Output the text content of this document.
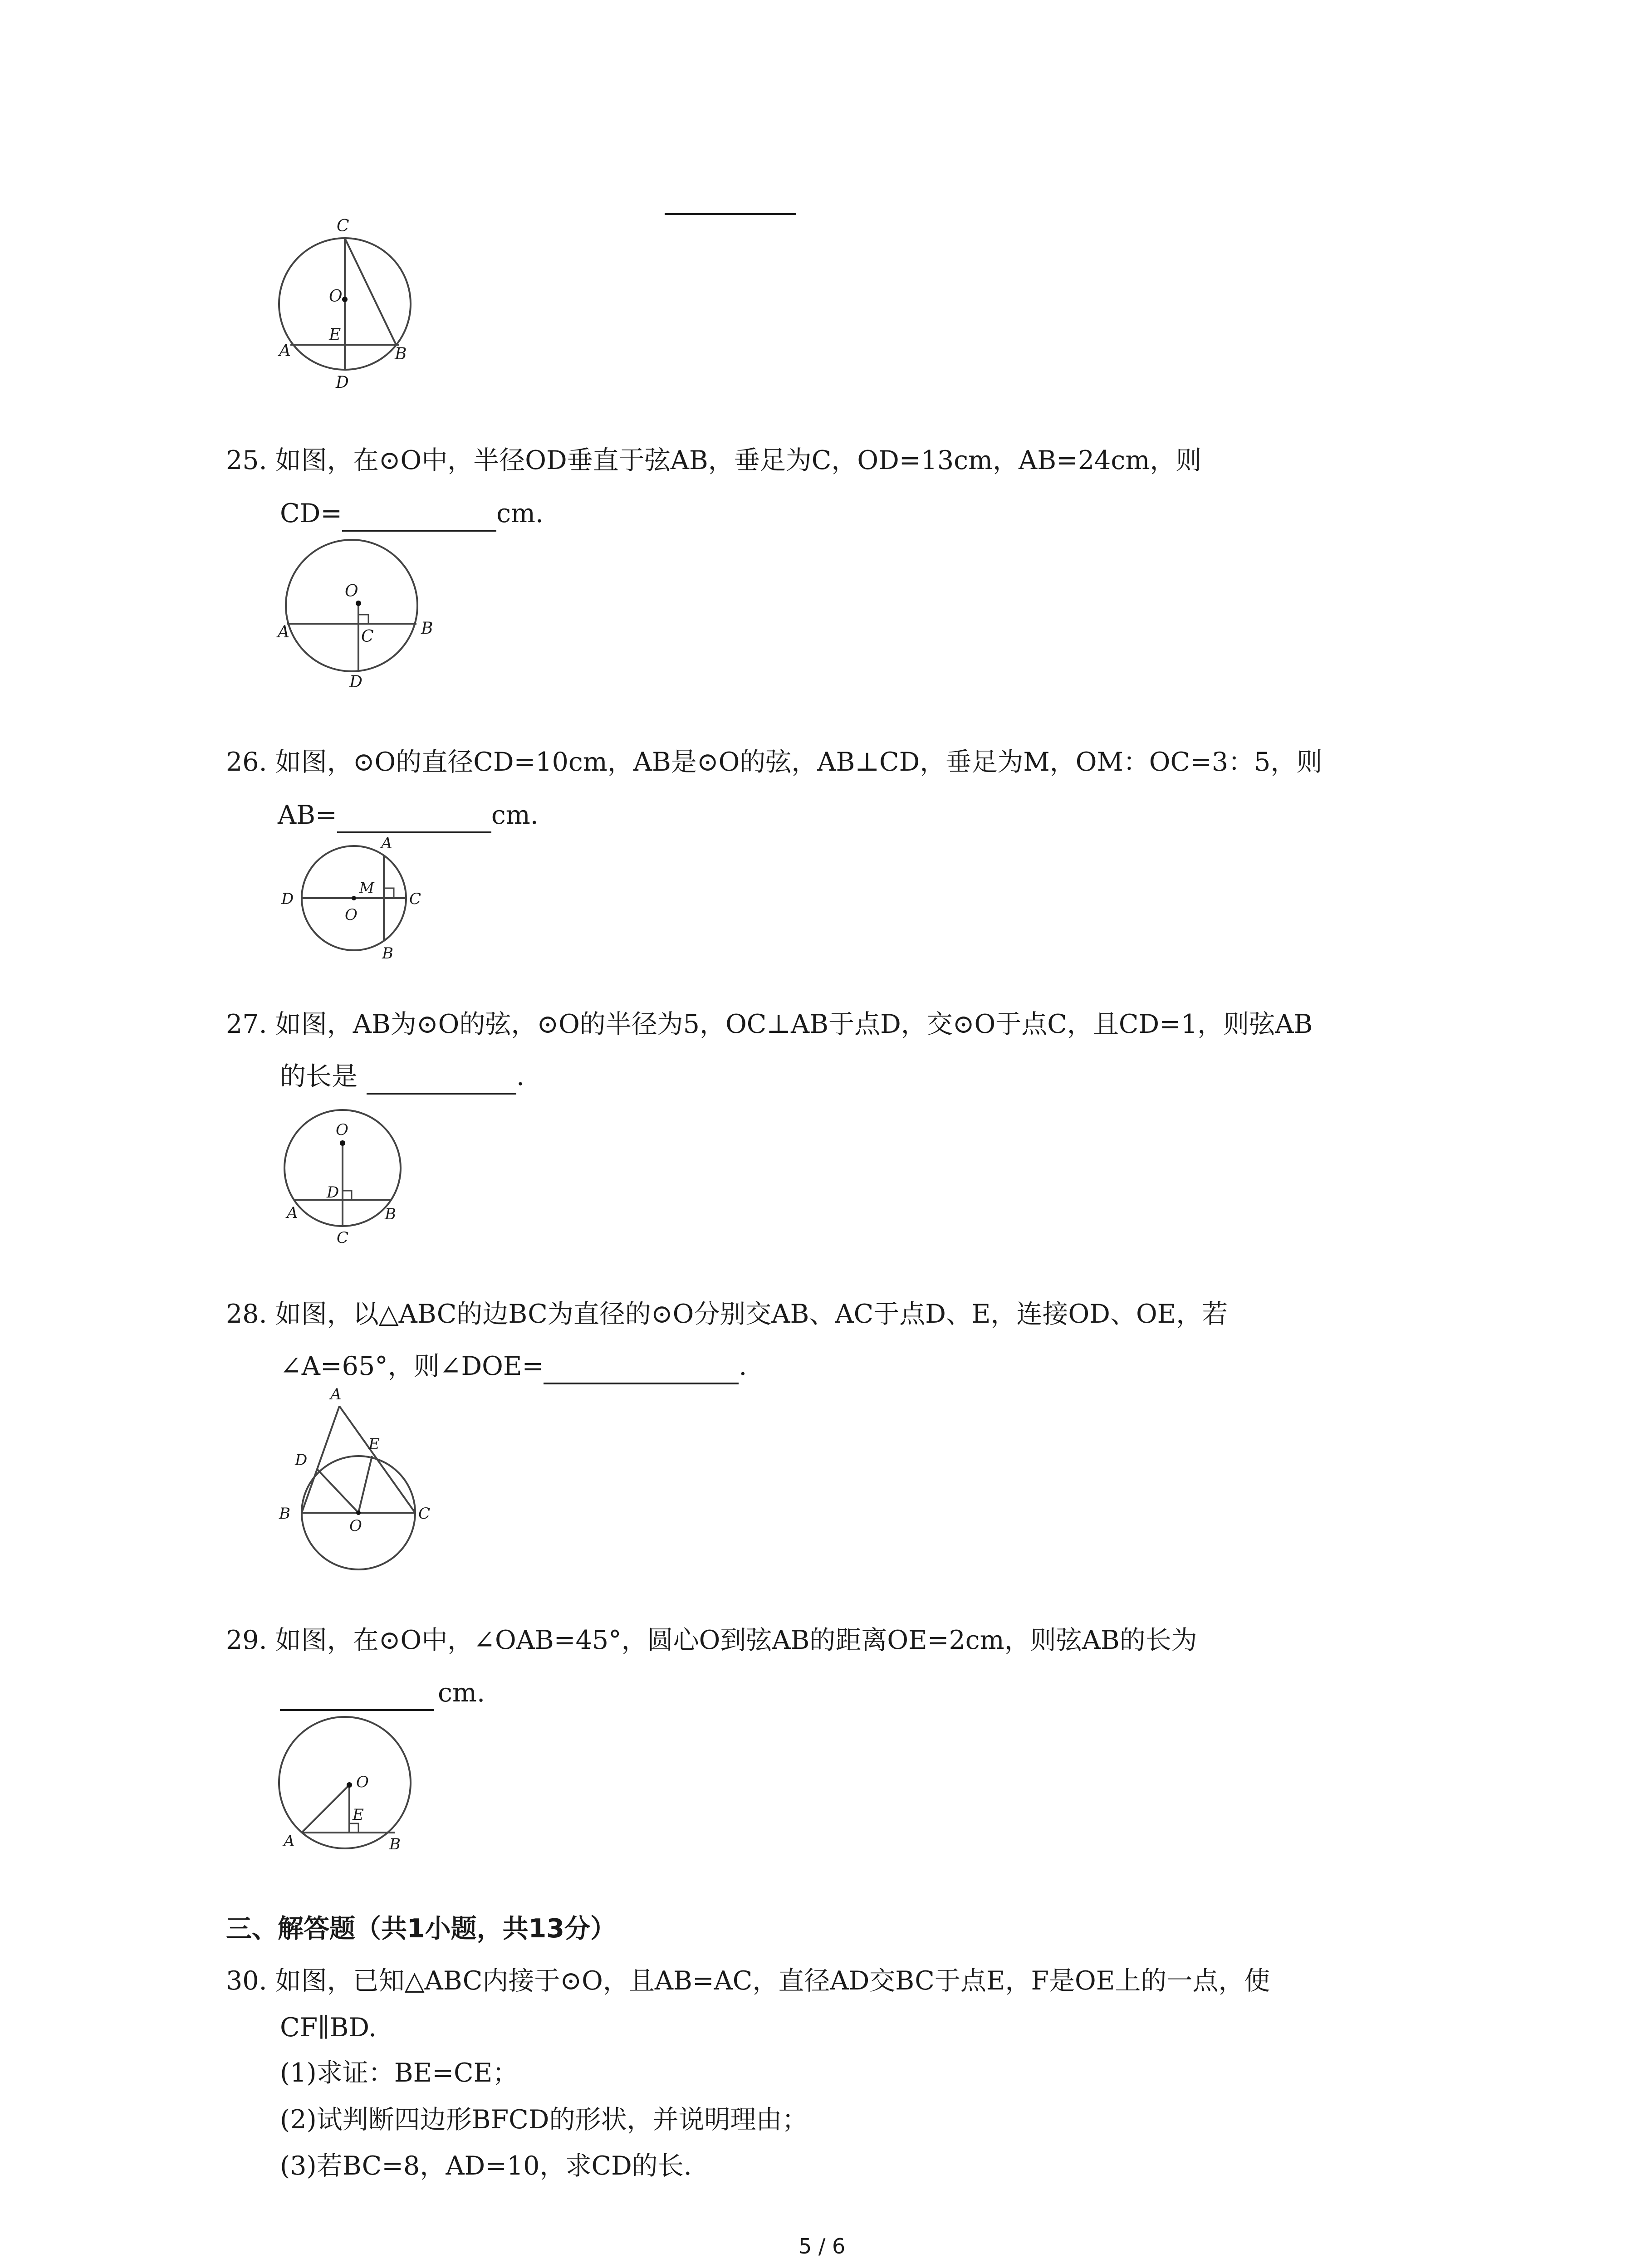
C
O
E
A	B
D
25. 如图，在⊙O中，半径OD垂直于弦AB，垂足为C，OD=13cm，AB=24cm，则
CD=	cm.
O
A	B
C
D
26. 如图，⊙O的直径CD=10cm，AB是⊙O的弦，AB⊥CD，垂足为M，OM：OC=3：5，则
AB=	cm.
A
M
D	C
O
B
27. 如图，AB为⊙O的弦，⊙O的半径为5，OC⊥AB于点D，交⊙O于点C，且CD=1，则弦AB
的长是	.
O
D
A	B
C
28. 如图，以△ABC的边BC为直径的⊙O分别交AB、AC于点D、E，连接OD、OE，若
∠A=65°，则∠DOE=	.
A
D
E
B
O
C
29. 如图，在⊙O中，∠OAB=45°，圆心O到弦AB的距离OE=2cm，则弦AB的长为
cm.
O
E
A	B
三、解答题（共1小题，共13分）
30. 如图，已知△ABC内接于⊙O，且AB=AC，直径AD交BC于点E，F是OE上的一点，使
CF∥BD.
(1)求证：BE=CE；
(2)试判断四边形BFCD的形状，并说明理由；
(3)若BC=8，AD=10，求CD的长.
5 / 6
